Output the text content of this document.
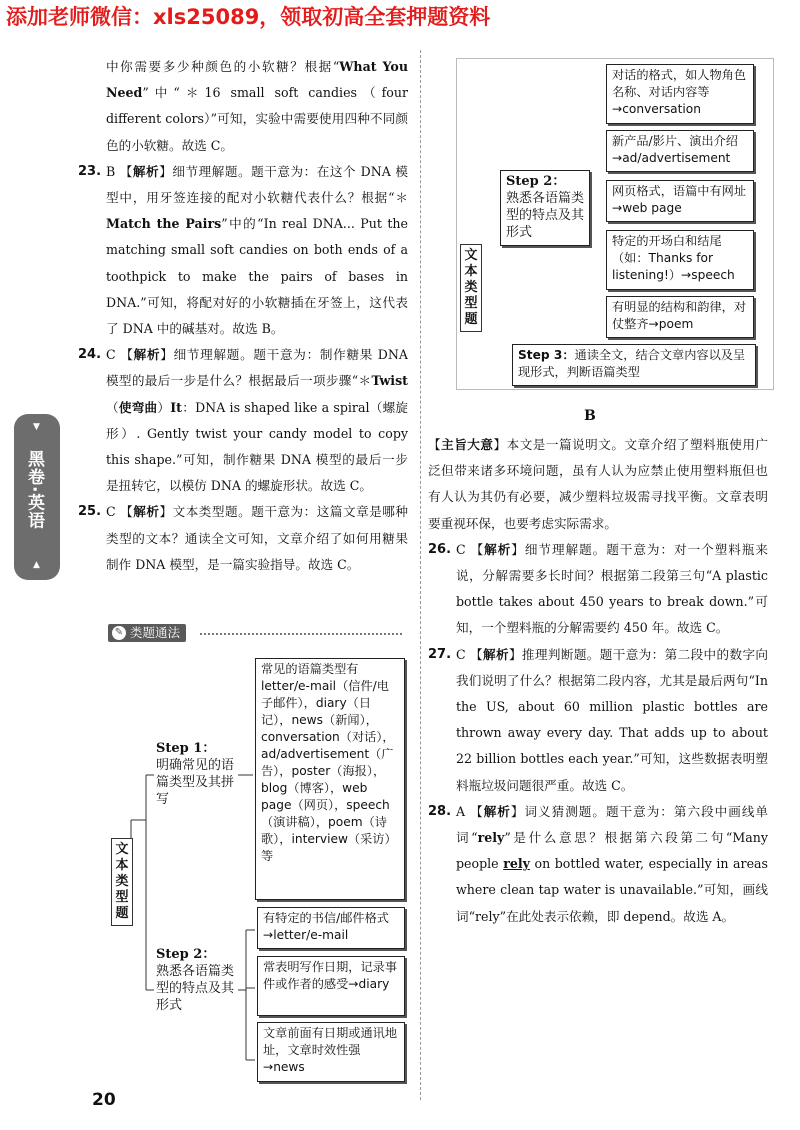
添加老师微信：xls25089，领取初高全套押题资料
▼
黑卷·英语
▲
中你需要多少种颜色的小软糖？根据“What You Need”中“＊16 small soft candies（four different colors）”可知，实验中需要使用四种不同颜色的小软糖。故选 C。
23. B 【解析】细节理解题。题干意为：在这个 DNA 模型中，用牙签连接的配对小软糖代表什么？根据“＊Match the Pairs”中的“In real DNA... Put the matching small soft candies on both ends of a toothpick to make the pairs of bases in DNA.”可知，将配对好的小软糖插在牙签上，这代表了 DNA 中的碱基对。故选 B。
24. C 【解析】细节理解题。题干意为：制作糖果 DNA 模型的最后一步是什么？根据最后一项步骤“＊Twist（使弯曲）It：DNA is shaped like a spiral（螺旋形）. Gently twist your candy model to copy this shape.”可知，制作糖果 DNA 模型的最后一步是扭转它，以模仿 DNA 的螺旋形状。故选 C。
25. C 【解析】文本类型题。题干意为：这篇文章是哪种类型的文本？通读全文可知，文章介绍了如何用糖果制作 DNA 模型，是一篇实验指导。故选 C。
✎ 类题通法
文本类型题
Step 1：
明确常见的语篇类型及其拼写
常见的语篇类型有 letter/e-mail（信件/电子邮件），diary（日记），news（新闻），conversation（对话），ad/advertisement（广告），poster（海报），blog（博客），web page（网页），speech（演讲稿），poem（诗歌），interview（采访）等
Step 2：
熟悉各语篇类型的特点及其形式
有特定的书信/邮件格式→letter/e-mail
常表明写作日期，记录事件或作者的感受→diary
文章前面有日期或通讯地址，文章时效性强→news
文本类型题
Step 2：
熟悉各语篇类型的特点及其形式
对话的格式，如人物角色名称、对话内容等→conversation
新产品/影片、演出介绍→ad/advertisement
网页格式，语篇中有网址→web page
特定的开场白和结尾（如：Thanks for listening!）→speech
有明显的结构和韵律，对仗整齐→poem
Step 3：通读全文，结合文章内容以及呈现形式，判断语篇类型
B
【主旨大意】本文是一篇说明文。文章介绍了塑料瓶使用广泛但带来诸多环境问题，虽有人认为应禁止使用塑料瓶但也有人认为其仍有必要，减少塑料垃圾需寻找平衡。文章表明要重视环保，也要考虑实际需求。
26. C 【解析】细节理解题。题干意为：对一个塑料瓶来说，分解需要多长时间？根据第二段第三句“A plastic bottle takes about 450 years to break down.”可知，一个塑料瓶的分解需要约 450 年。故选 C。
27. C 【解析】推理判断题。题干意为：第二段中的数字向我们说明了什么？根据第二段内容，尤其是最后两句“In the US, about 60 million plastic bottles are thrown away every day. That adds up to about 22 billion bottles each year.”可知，这些数据表明塑料瓶垃圾问题很严重。故选 C。
28. A 【解析】词义猜测题。题干意为：第六段中画线单词“rely”是什么意思？根据第六段第二句“Many people rely on bottled water, especially in areas where clean tap water is unavailable.”可知，画线词“rely”在此处表示依赖，即 depend。故选 A。
20
